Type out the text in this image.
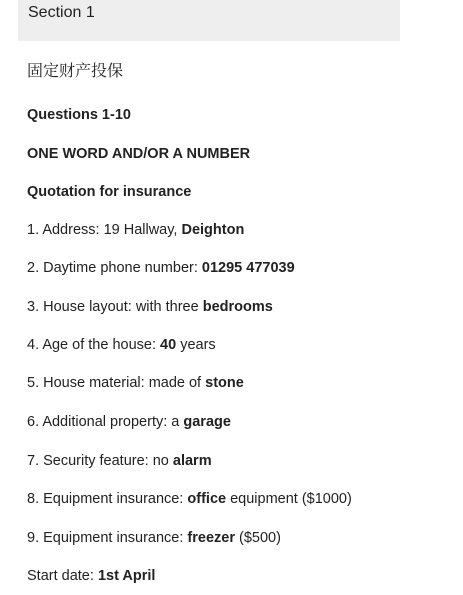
Section 1
固定财产投保
Questions 1-10
ONE WORD AND/OR A NUMBER
Quotation for insurance
1. Address: 19 Hallway, Deighton
2. Daytime phone number: 01295 477039
3. House layout: with three bedrooms
4. Age of the house: 40 years
5. House material: made of stone
6. Additional property: a garage
7. Security feature: no alarm
8. Equipment insurance: office equipment ($1000)
9. Equipment insurance: freezer ($500)
Start date: 1st April
